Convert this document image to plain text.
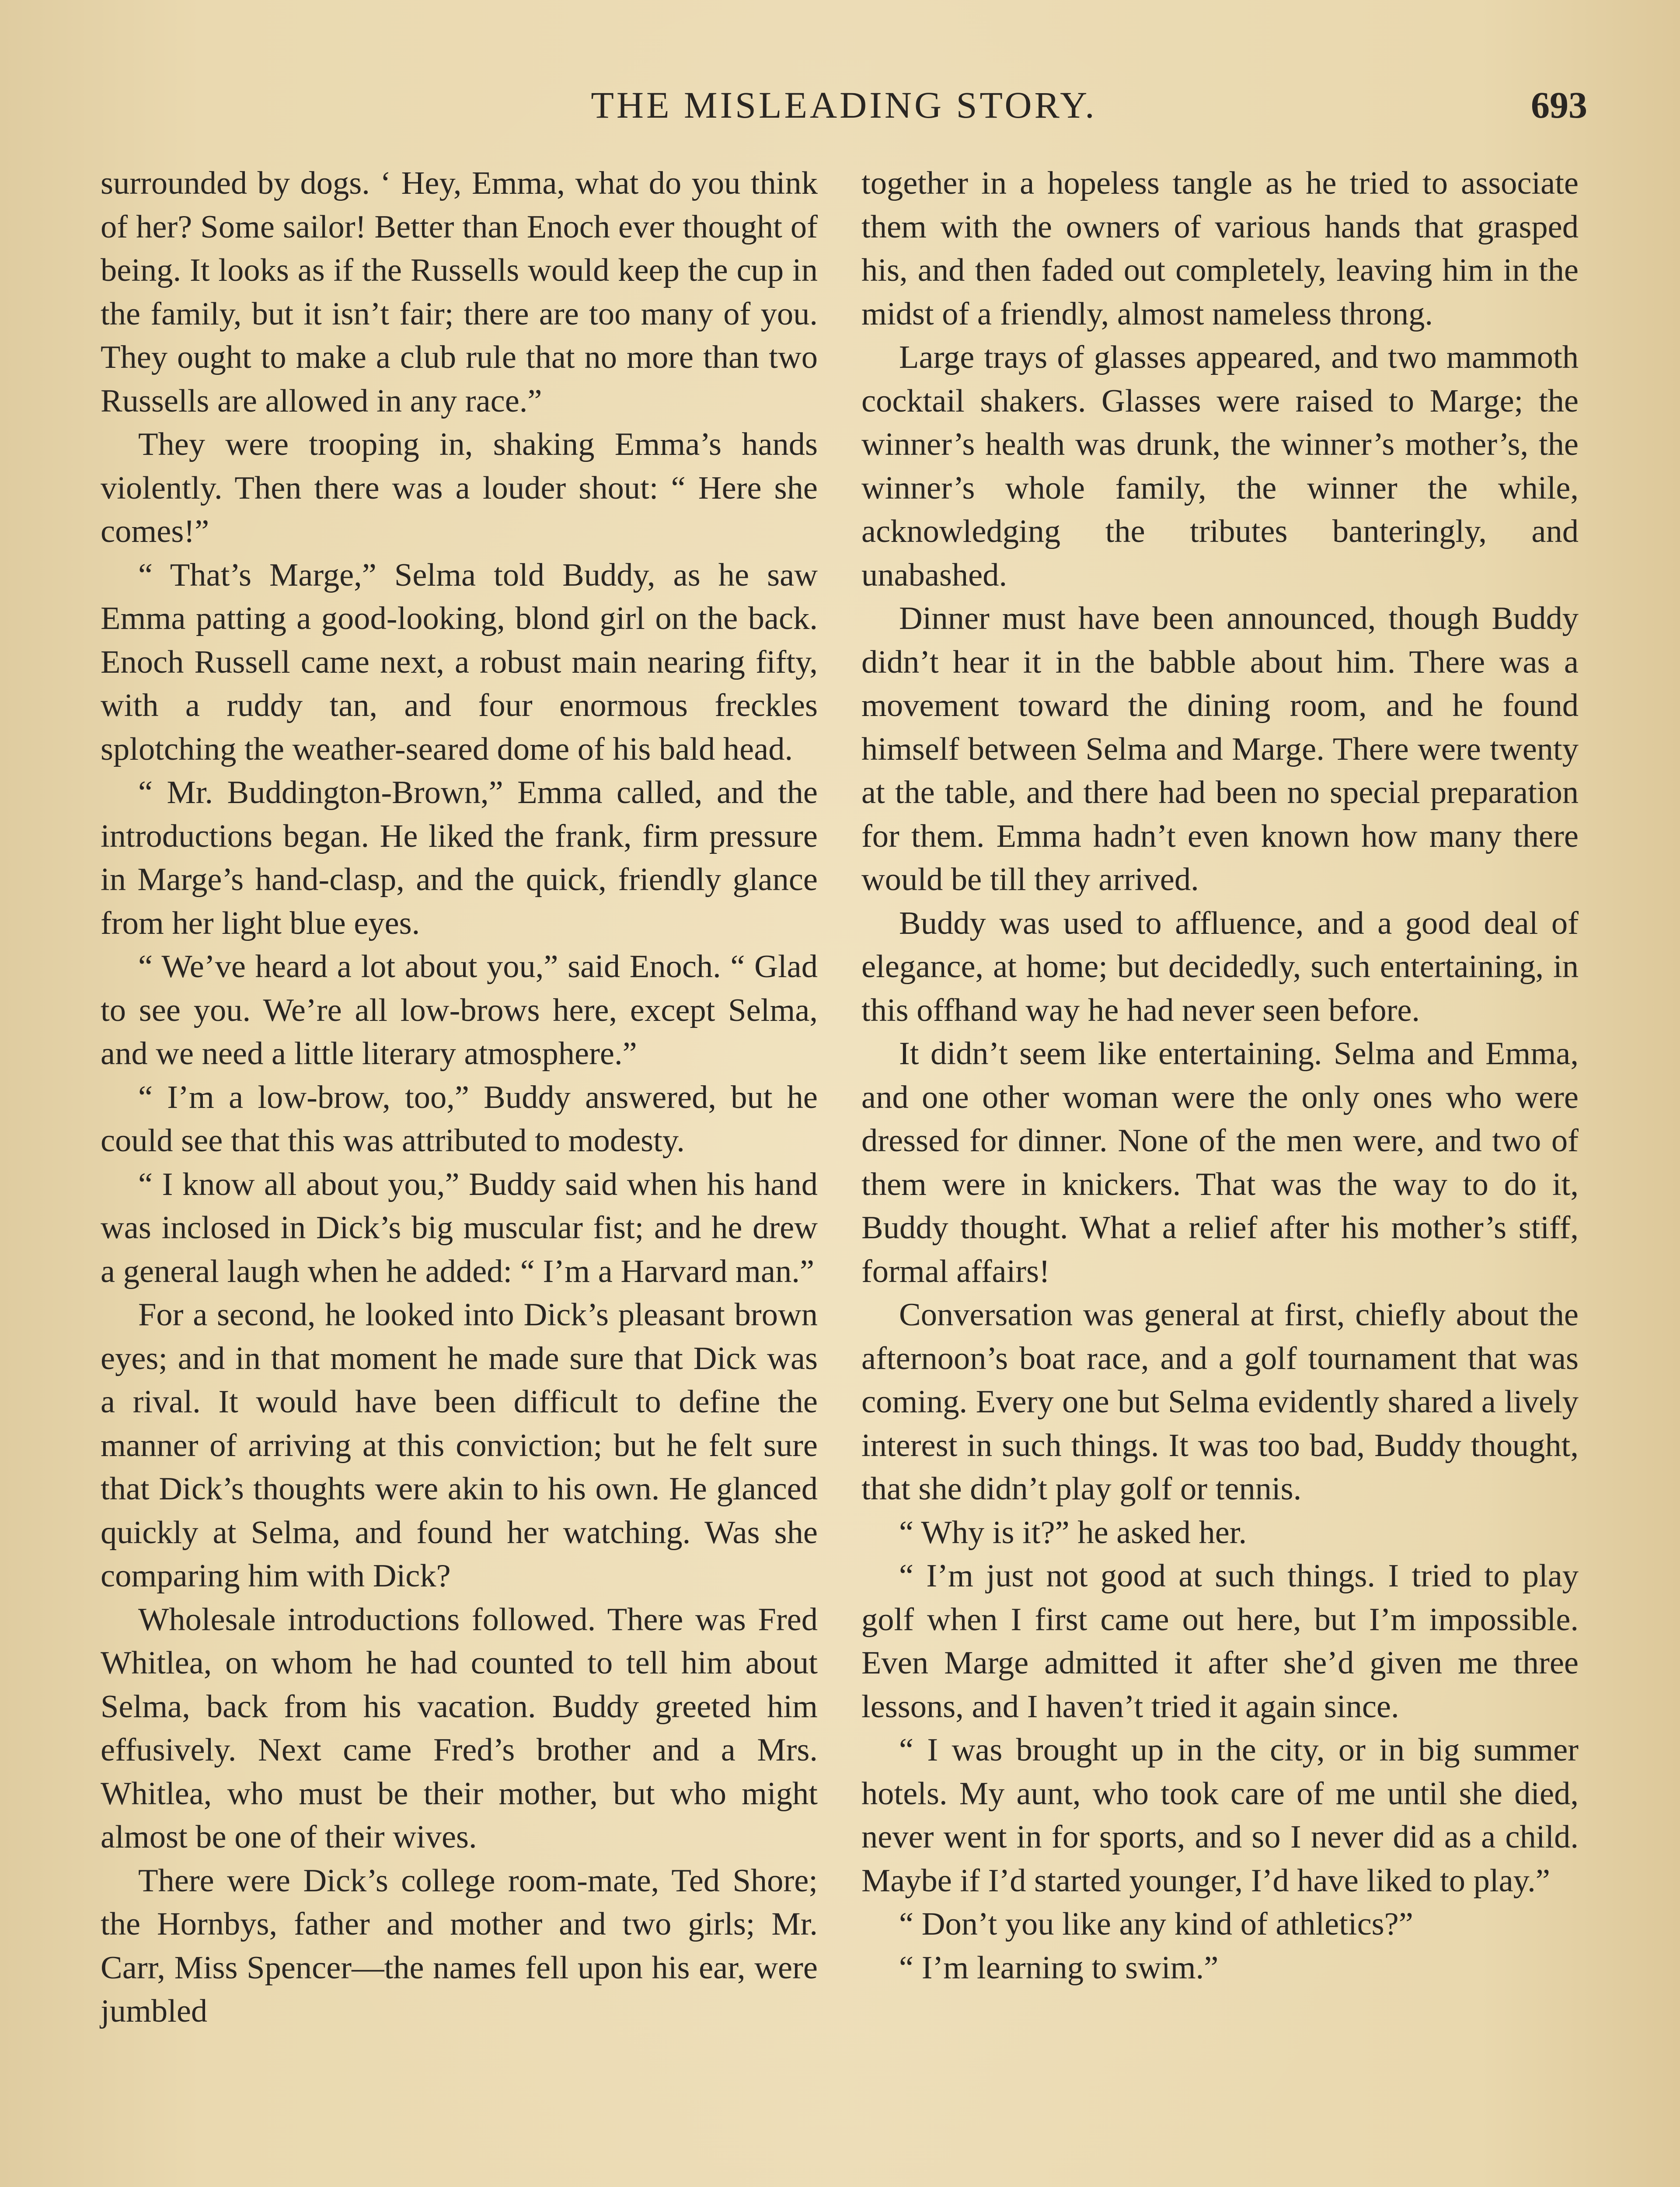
THE MISLEADING STORY.	693

surrounded by dogs. ‘ Hey, Emma, what do you think of her? Some sailor! Better than Enoch ever thought of being. It looks as if the Russells would keep the cup in the family, but it isn’t fair; there are too many of you. They ought to make a club rule that no more than two Russells are allowed in any race.”

They were trooping in, shaking Emma’s hands violently. Then there was a louder shout: “ Here she comes!”

“ That’s Marge,” Selma told Buddy, as he saw Emma patting a good-looking, blond girl on the back. Enoch Russell came next, a robust main nearing fifty, with a ruddy tan, and four enormous freckles splotching the weather-seared dome of his bald head.

“ Mr. Buddington-Brown,” Emma called, and the introductions began. He liked the frank, firm pressure in Marge’s hand-clasp, and the quick, friendly glance from her light blue eyes.

“ We’ve heard a lot about you,” said Enoch. “ Glad to see you. We’re all low-brows here, except Selma, and we need a little literary atmosphere.”

“ I’m a low-brow, too,” Buddy answered, but he could see that this was attributed to modesty.

“ I know all about you,” Buddy said when his hand was inclosed in Dick’s big muscular fist; and he drew a general laugh when he added: “ I’m a Harvard man.”

For a second, he looked into Dick’s pleasant brown eyes; and in that moment he made sure that Dick was a rival. It would have been difficult to define the manner of arriving at this conviction; but he felt sure that Dick’s thoughts were akin to his own. He glanced quickly at Selma, and found her watching. Was she comparing him with Dick?

Wholesale introductions followed. There was Fred Whitlea, on whom he had counted to tell him about Selma, back from his vacation. Buddy greeted him effusively. Next came Fred’s brother and a Mrs. Whitlea, who must be their mother, but who might almost be one of their wives.

There were Dick’s college room-mate, Ted Shore; the Hornbys, father and mother and two girls; Mr. Carr, Miss Spencer—the names fell upon his ear, were jumbled

together in a hopeless tangle as he tried to associate them with the owners of various hands that grasped his, and then faded out completely, leaving him in the midst of a friendly, almost nameless throng.

Large trays of glasses appeared, and two mammoth cocktail shakers. Glasses were raised to Marge; the winner’s health was drunk, the winner’s mother’s, the winner’s whole family, the winner the while, acknowledging the tributes banteringly, and unabashed.

Dinner must have been announced, though Buddy didn’t hear it in the babble about him. There was a movement toward the dining room, and he found himself between Selma and Marge. There were twenty at the table, and there had been no special preparation for them. Emma hadn’t even known how many there would be till they arrived.

Buddy was used to affluence, and a good deal of elegance, at home; but decidedly, such entertaining, in this offhand way he had never seen before.

It didn’t seem like entertaining. Selma and Emma, and one other woman were the only ones who were dressed for dinner. None of the men were, and two of them were in knickers. That was the way to do it, Buddy thought. What a relief after his mother’s stiff, formal affairs!

Conversation was general at first, chiefly about the afternoon’s boat race, and a golf tournament that was coming. Every one but Selma evidently shared a lively interest in such things. It was too bad, Buddy thought, that she didn’t play golf or tennis.

“ Why is it?” he asked her.

“ I’m just not good at such things. I tried to play golf when I first came out here, but I’m impossible. Even Marge admitted it after she’d given me three lessons, and I haven’t tried it again since.

“ I was brought up in the city, or in big summer hotels. My aunt, who took care of me until she died, never went in for sports, and so I never did as a child. Maybe if I’d started younger, I’d have liked to play.”

“ Don’t you like any kind of athletics?”

“ I’m learning to swim.”
